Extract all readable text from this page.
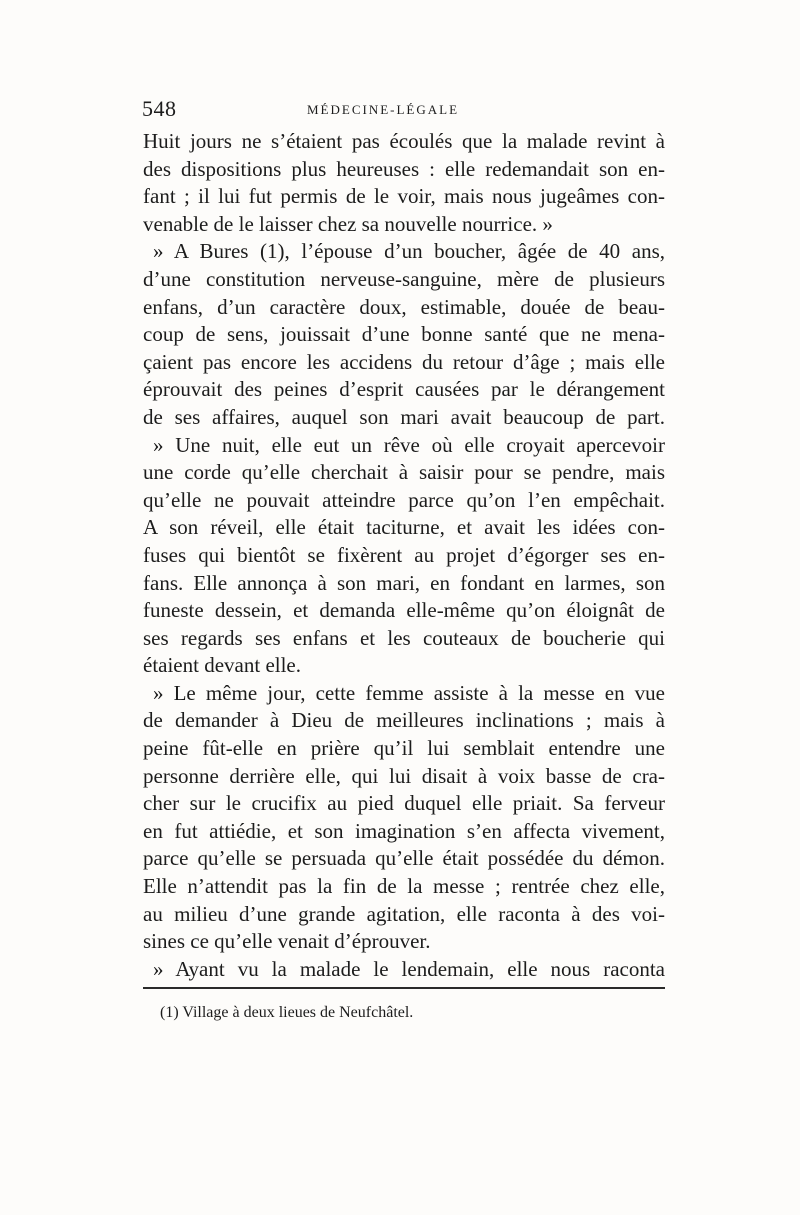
548	MÉDECINE-LÉGALE
Huit jours ne s’étaient pas écoulés que la malade revint à
des dispositions plus heureuses : elle redemandait son en-
fant ; il lui fut permis de le voir, mais nous jugeâmes con-
venable de le laisser chez sa nouvelle nourrice. »
» A Bures (1), l’épouse d’un boucher, âgée de 40 ans,
d’une constitution nerveuse-sanguine, mère de plusieurs
enfans, d’un caractère doux, estimable, douée de beau-
coup de sens, jouissait d’une bonne santé que ne mena-
çaient pas encore les accidens du retour d’âge ; mais elle
éprouvait des peines d’esprit causées par le dérangement
de ses affaires, auquel son mari avait beaucoup de part.
» Une nuit, elle eut un rêve où elle croyait apercevoir
une corde qu’elle cherchait à saisir pour se pendre, mais
qu’elle ne pouvait atteindre parce qu’on l’en empêchait.
A son réveil, elle était taciturne, et avait les idées con-
fuses qui bientôt se fixèrent au projet d’égorger ses en-
fans. Elle annonça à son mari, en fondant en larmes, son
funeste dessein, et demanda elle-même qu’on éloignât de
ses regards ses enfans et les couteaux de boucherie qui
étaient devant elle.
» Le même jour, cette femme assiste à la messe en vue
de demander à Dieu de meilleures inclinations ; mais à
peine fût-elle en prière qu’il lui semblait entendre une
personne derrière elle, qui lui disait à voix basse de cra-
cher sur le crucifix au pied duquel elle priait. Sa ferveur
en fut attiédie, et son imagination s’en affecta vivement,
parce qu’elle se persuada qu’elle était possédée du démon.
Elle n’attendit pas la fin de la messe ; rentrée chez elle,
au milieu d’une grande agitation, elle raconta à des voi-
sines ce qu’elle venait d’éprouver.
» Ayant vu la malade le lendemain, elle nous raconta
(1) Village à deux lieues de Neufchâtel.
